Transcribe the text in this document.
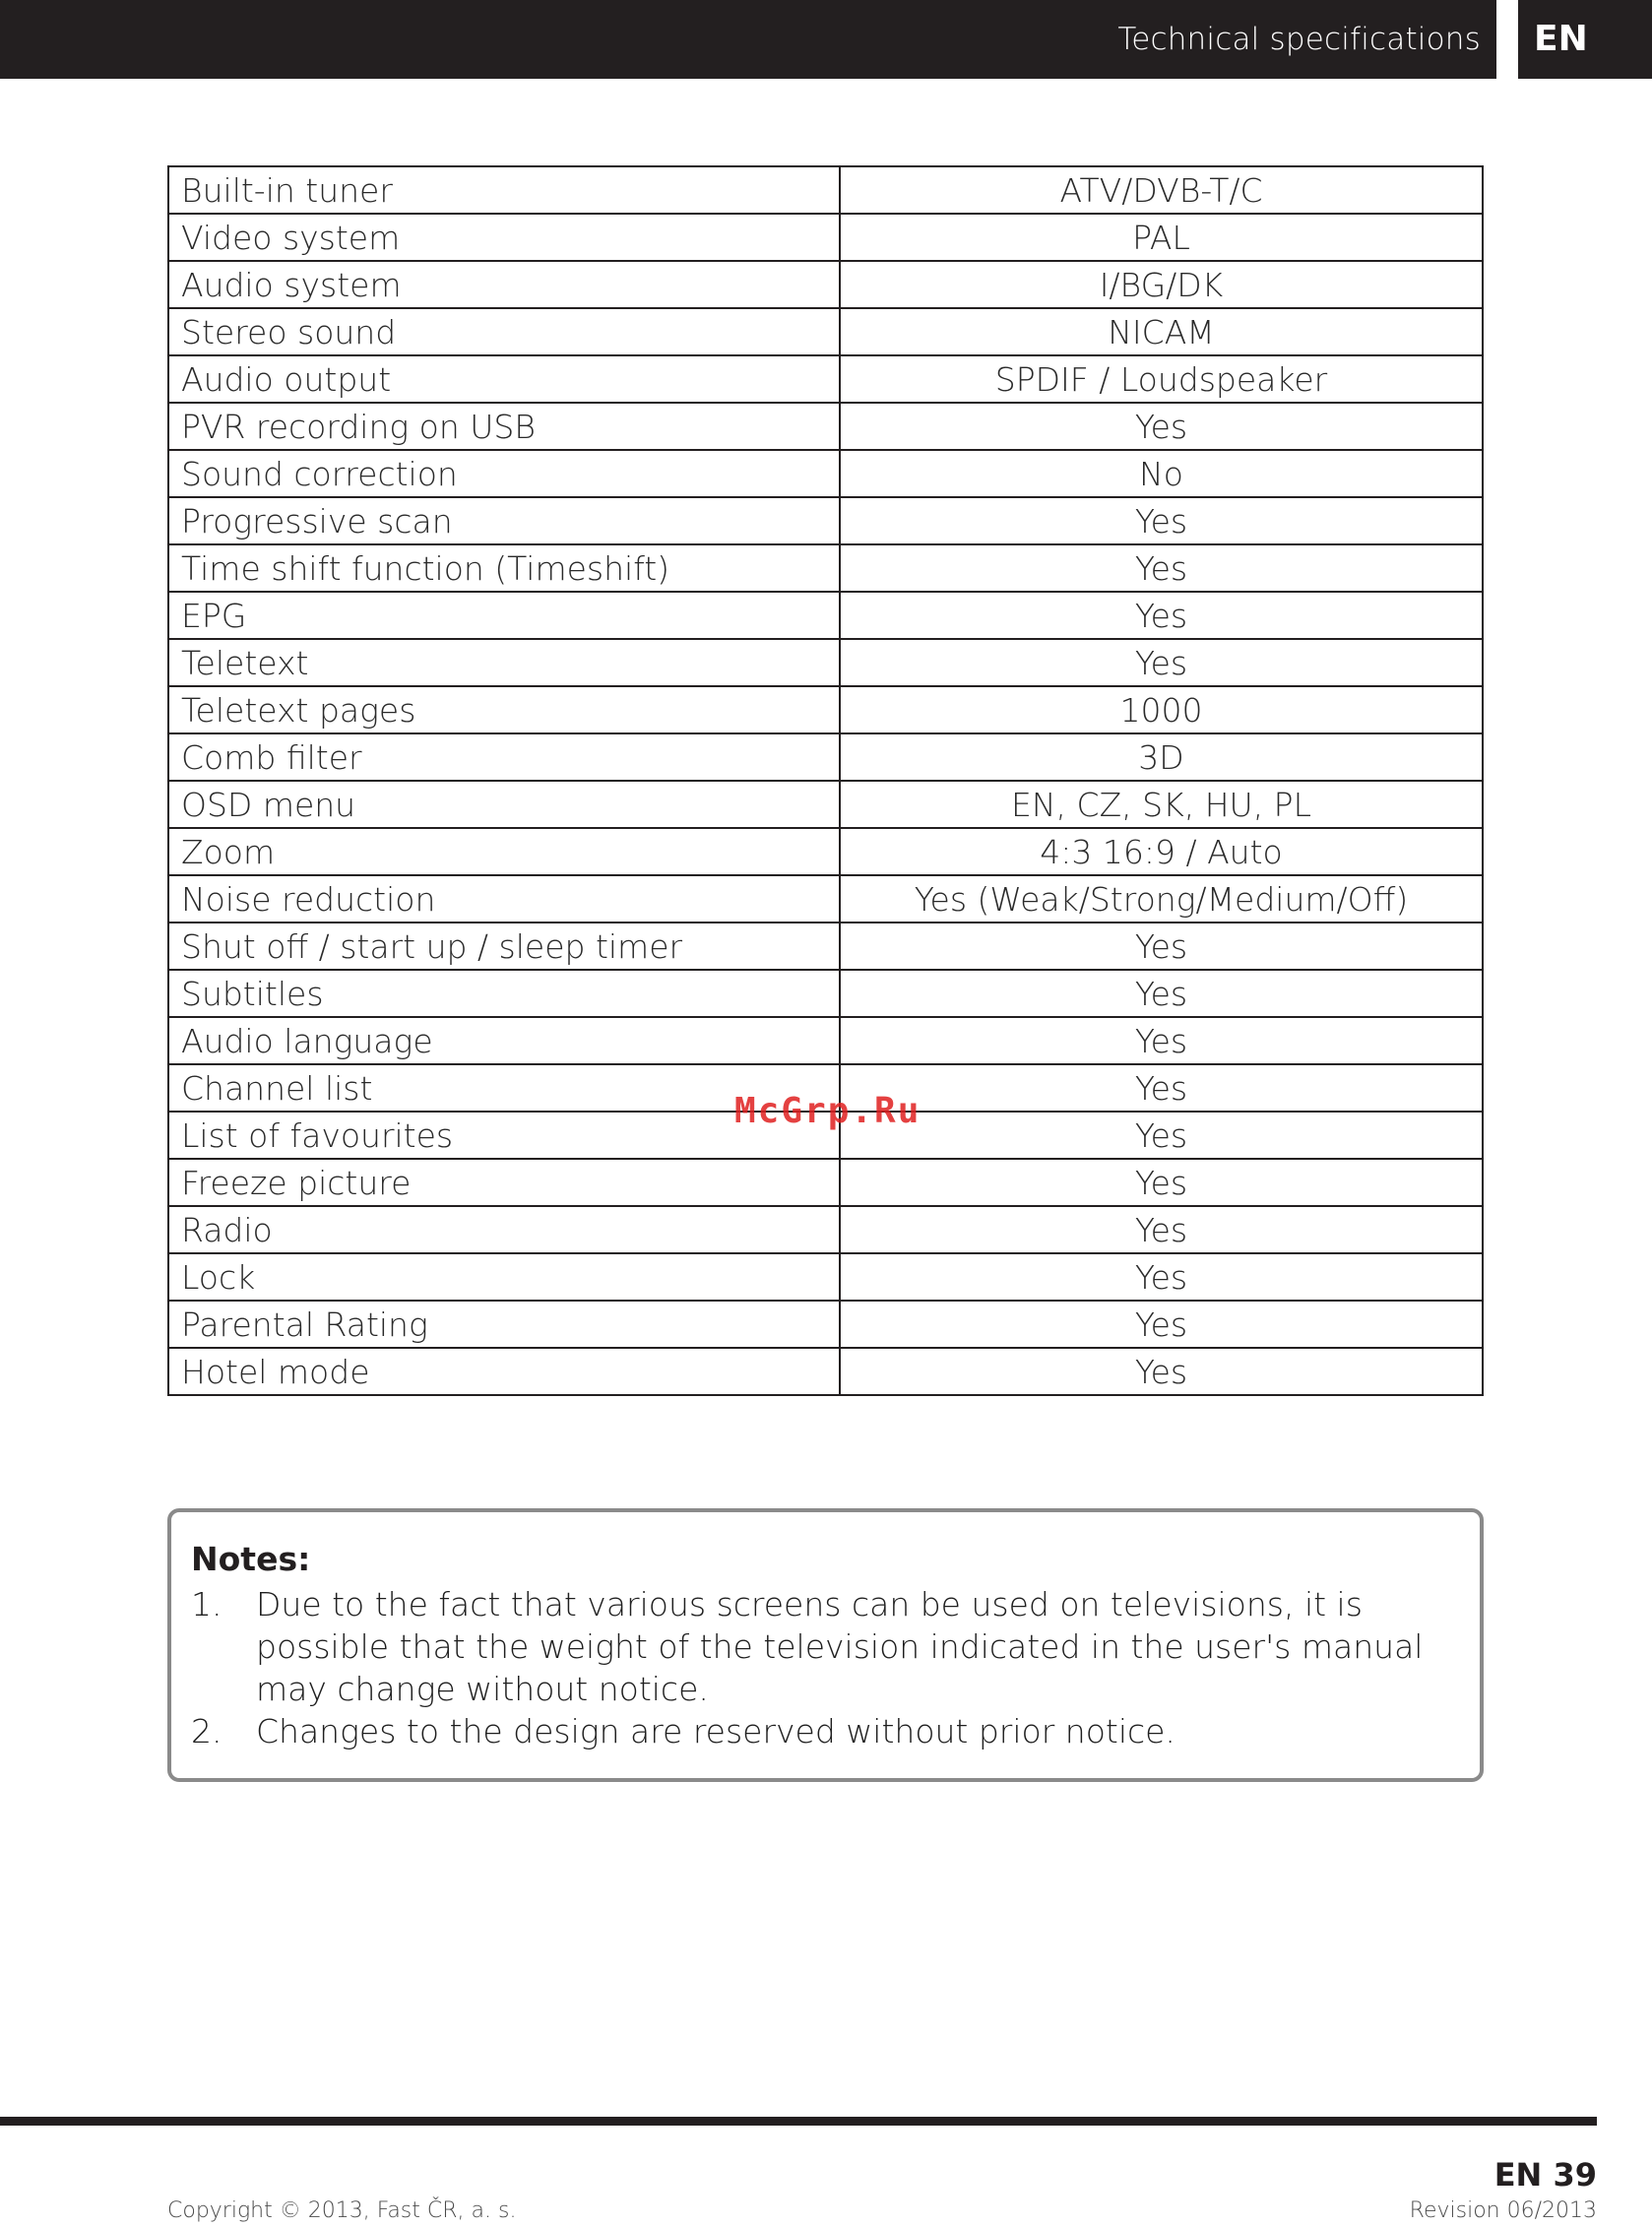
Technical specifications	EN
Built-in tuner	ATV/DVB-T/C
Video system	PAL
Audio system	I/BG/DK
Stereo sound	NICAM
Audio output	SPDIF / Loudspeaker
PVR recording on USB	Yes
Sound correction	No
Progressive scan	Yes
Time shift function (Timeshift)	Yes
EPG	Yes
Teletext	Yes
Teletext pages	1000
Comb filter	3D
OSD menu	EN, CZ, SK, HU, PL
Zoom	4:3 16:9 / Auto
Noise reduction	Yes (Weak/Strong/Medium/Off)
Shut off / start up / sleep timer	Yes
Subtitles	Yes
Audio language	Yes
Channel list	Yes
List of favourites	Yes
Freeze picture	Yes
Radio	Yes
Lock	Yes
Parental Rating	Yes
Hotel mode	Yes
McGrp.Ru
Notes:
1. Due to the fact that various screens can be used on televisions, it is possible that the weight of the television indicated in the user's manual may change without notice.
2. Changes to the design are reserved without prior notice.
EN 39
Copyright © 2013, Fast ČR, a. s.	Revision 06/2013
